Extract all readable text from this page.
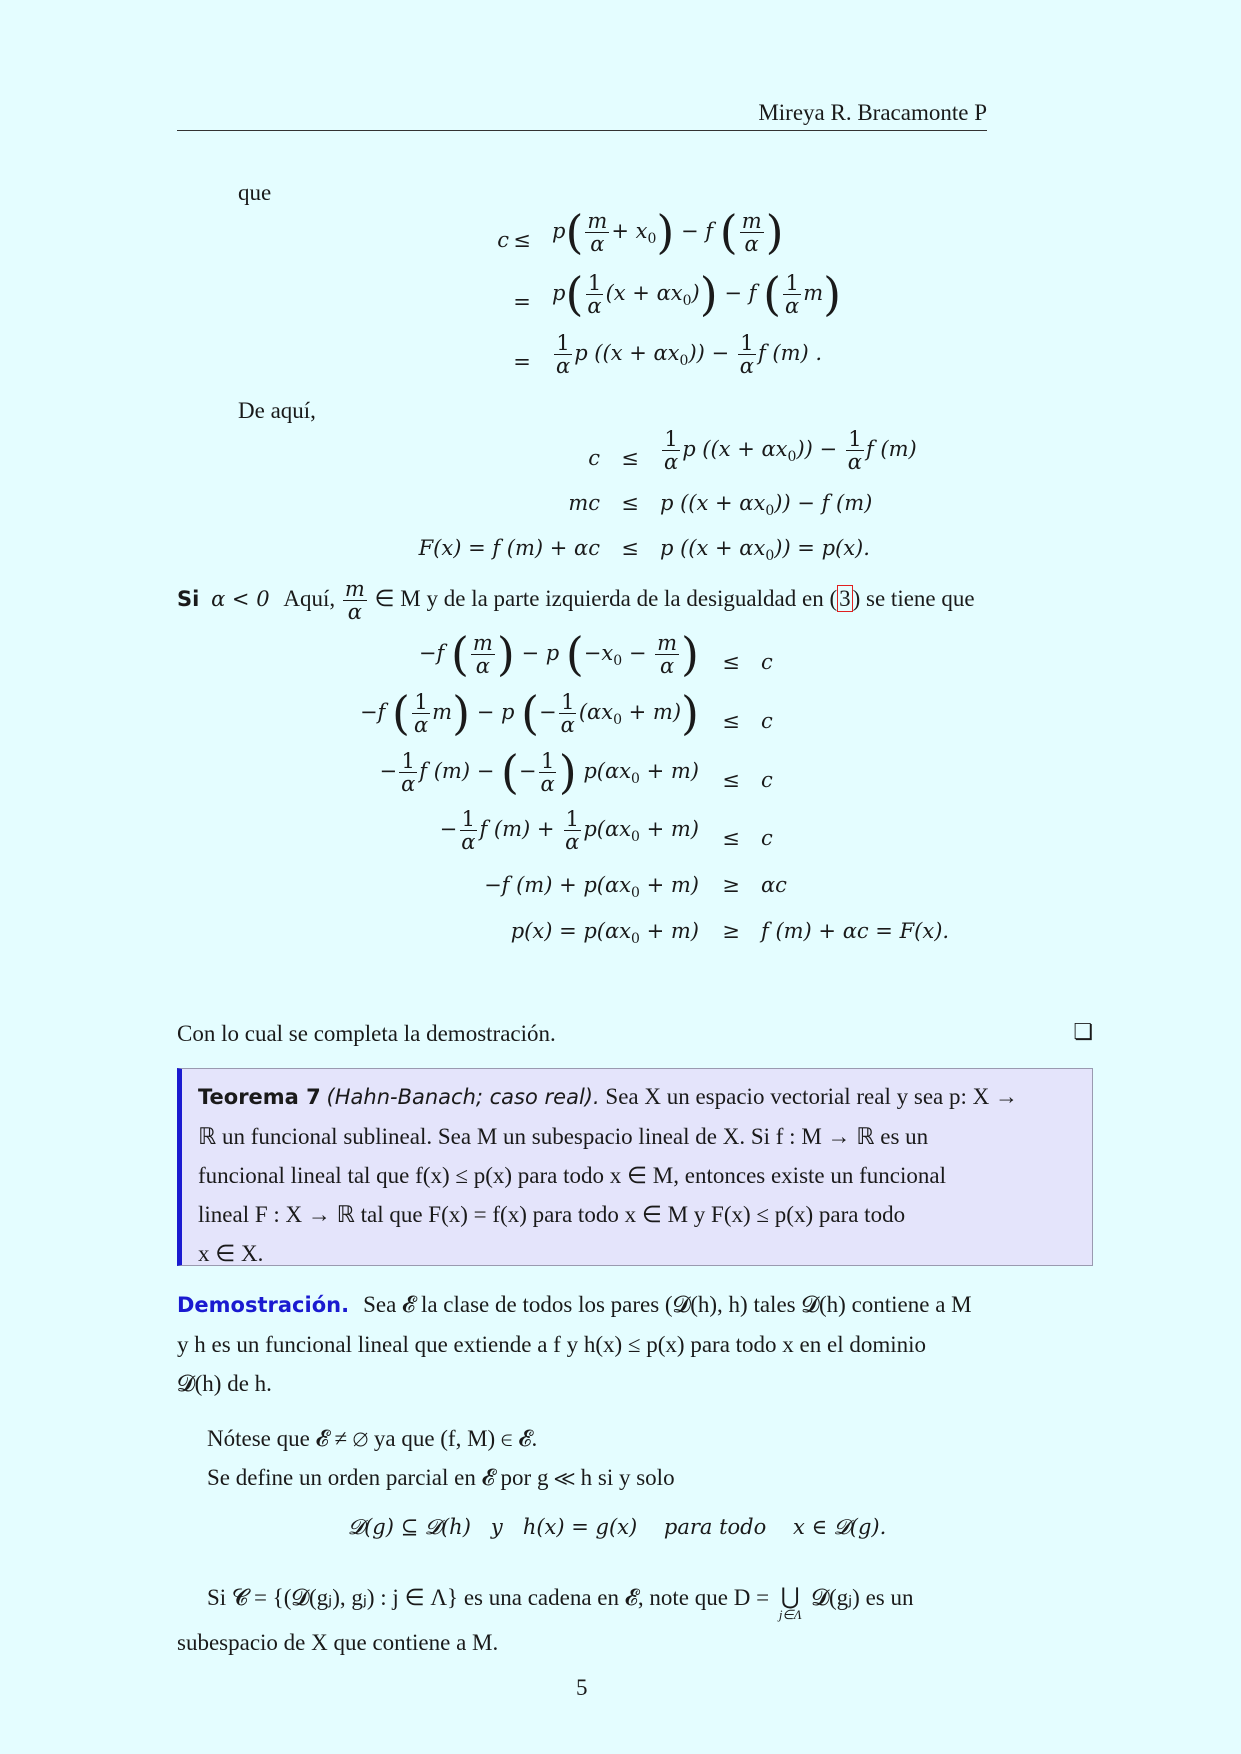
Mireya R. Bracamonte P
que
c ≤	$p( \frac{m}{\alpha} + x_0) - f$ ( $\frac{m}{\alpha}$ )
=	$p( \frac{1}{\alpha} (x + \alpha x_0)) - f$ ( $\frac{1}{\alpha} m$)
=	$\frac{1}{\alpha}$ p $((x + \alpha x_0)) - \frac{1}{\alpha}$ f (m) .
De aquí,
c	≤	$\frac{1}{\alpha}$ p $((x + \alpha x_0)) - \frac{1}{\alpha}$ f (m)
mc	≤	p $((x + \alpha x_0)) - f$ (m)
F(x) = f (m) + αc	≤	p $((x + \alpha x_0)) = p(x)$.
Si α < 0 Aquí, $\frac{m}{\alpha}$ ∈ M y de la parte izquierda de la desigualdad en (3) se tiene que
−f ( $\frac{m}{\alpha}$ ) − p ($-x_0 - \frac{m}{\alpha}$ )	≤	c
−f ( $\frac{1}{\alpha} m) - p$ (− $\frac{1}{\alpha} (\alpha x_0 + m)$)	≤	c
− $\frac{1}{\alpha}$ f (m) − (− $\frac{1}{\alpha}$ ) $p(\alpha x_0 + m)$	≤	c
− $\frac{1}{\alpha}$ f $(m) + \frac{1}{\alpha} p(\alpha x_0 + m)$	≤	c
−f $(m) + p(\alpha x_0 + m)$	≥	αc
$p(x) = p(\alpha x_0 + m)$	≥	f (m) + αc = F(x).
Con lo cual se completa la demostración.	❏
Teorema 7 (Hahn-Banach; caso real). Sea X un espacio vectorial real y sea p: X →
ℝ un funcional sublineal. Sea M un subespacio lineal de X. Si f : M → ℝ es un
funcional lineal tal que f(x) ≤ p(x) para todo x ∈ M, entonces existe un funcional
lineal F : X → ℝ tal que F(x) = f(x) para todo x ∈ M y F(x) ≤ p(x) para todo
x ∈ X.
Demostración. Sea 𝓔 la clase de todos los pares (𝓓(h), h) tales 𝓓(h) contiene a M
y h es un funcional lineal que extiende a f y h(x) ≤ p(x) para todo x en el dominio
𝓓(h) de h.
Nótese que 𝓔 ≠ ∅ ya que (f, M) ∈ 𝓔.
Se define un orden parcial en 𝓔 por g ≪ h si y solo
𝓓(g) ⊆ 𝓓(h)   y   h(x) = g(x)    para todo    x ∈ 𝓓(g).
Si 𝓒 = {(𝓓(gⱼ), gⱼ) : j ∈ Λ} es una cadena en 𝓔, note que D = ⋃
j∈Λ
𝓓(gⱼ) es un
subespacio de X que contiene a M.
5
